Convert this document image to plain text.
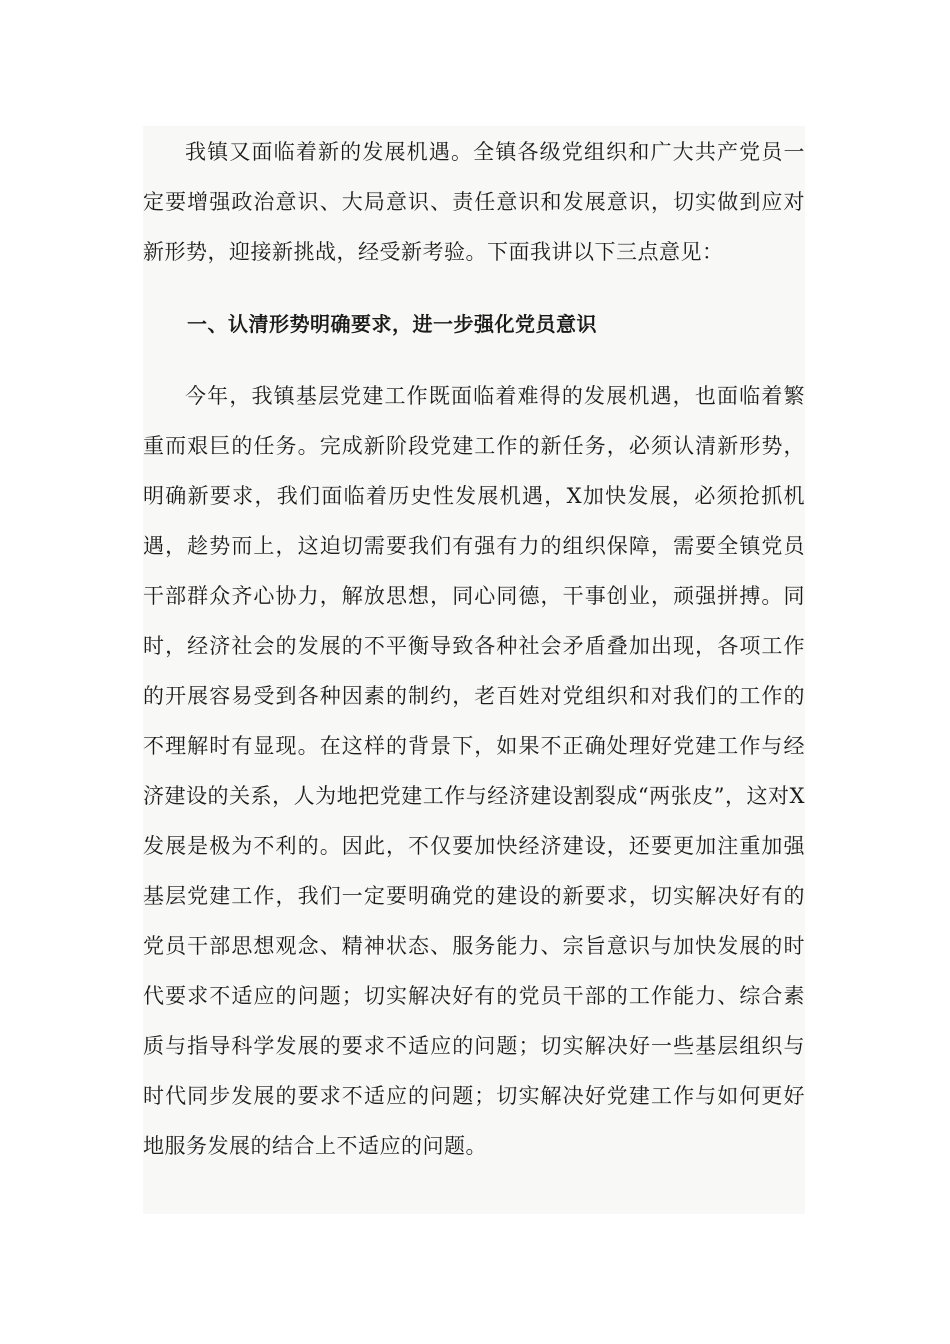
我镇又面临着新的发展机遇。全镇各级党组织和广大共产党员一定要增强政治意识、大局意识、责任意识和发展意识，切实做到应对新形势，迎接新挑战，经受新考验。下面我讲以下三点意见：

一、认清形势明确要求，进一步强化党员意识

今年，我镇基层党建工作既面临着难得的发展机遇，也面临着繁重而艰巨的任务。完成新阶段党建工作的新任务，必须认清新形势，明确新要求，我们面临着历史性发展机遇，X加快发展，必须抢抓机遇，趁势而上，这迫切需要我们有强有力的组织保障，需要全镇党员干部群众齐心协力，解放思想，同心同德，干事创业，顽强拼搏。同时，经济社会的发展的不平衡导致各种社会矛盾叠加出现，各项工作的开展容易受到各种因素的制约，老百姓对党组织和对我们的工作的不理解时有显现。在这样的背景下，如果不正确处理好党建工作与经济建设的关系，人为地把党建工作与经济建设割裂成“两张皮”，这对X发展是极为不利的。因此，不仅要加快经济建设，还要更加注重加强基层党建工作，我们一定要明确党的建设的新要求，切实解决好有的党员干部思想观念、精神状态、服务能力、宗旨意识与加快发展的时代要求不适应的问题；切实解决好有的党员干部的工作能力、综合素质与指导科学发展的要求不适应的问题；切实解决好一些基层组织与时代同步发展的要求不适应的问题；切实解决好党建工作与如何更好地服务发展的结合上不适应的问题。
